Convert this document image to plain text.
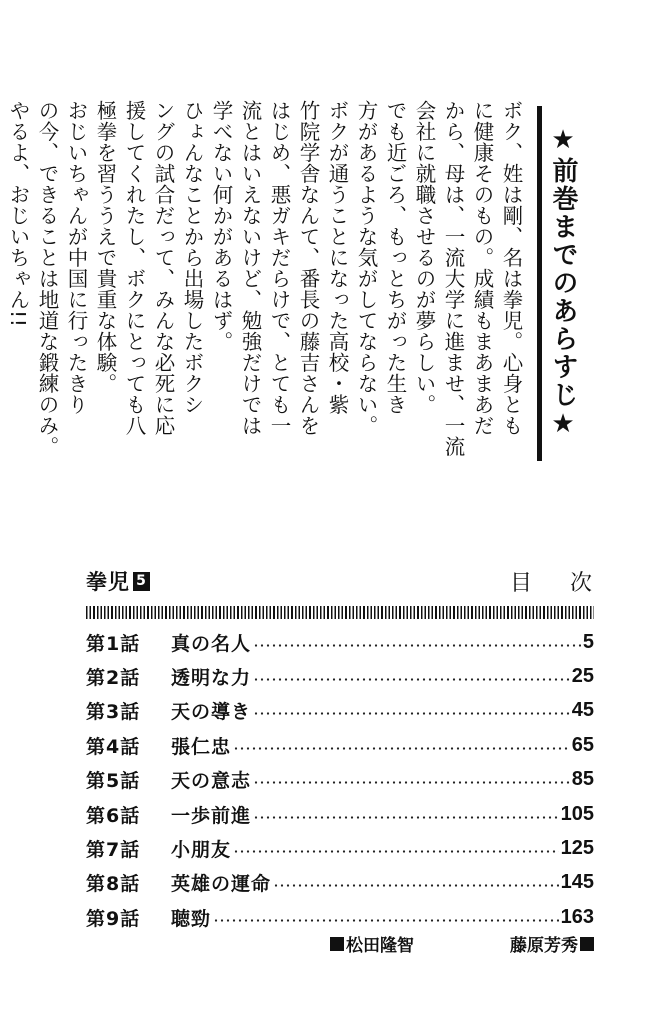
★前巻までのあらすじ★
ボク、姓は剛、名は拳児。心身とも
に健康そのもの。成績もまあまあだ
から、母は、一流大学に進ませ、一流
会社に就職させるのが夢らしい。
でも近ごろ、もっとちがった生き
方があるような気がしてならない。
ボクが通うことになった高校・紫
竹院学舎なんて、番長の藤吉さんを
はじめ、悪ガキだらけで、とても一
流とはいえないけど、勉強だけでは
学べない何かがあるはず。
ひょんなことから出場したボクシ
ングの試合だって、みんな必死に応
援してくれたし、ボクにとっても八
極拳を習ううえで貴重な体験。
おじいちゃんが中国に行ったきり
の今、できることは地道な鍛練のみ。
やるよ、おじいちゃん!!
拳児 5	目次
第1話	真の名人	5
第2話	透明な力	25
第3話	天の導き	45
第4話	張仁忠	65
第5話	天の意志	85
第6話	一歩前進	105
第7話	小朋友	125
第8話	英雄の運命	145
第9話	聴勁	163
松田隆智	藤原芳秀
